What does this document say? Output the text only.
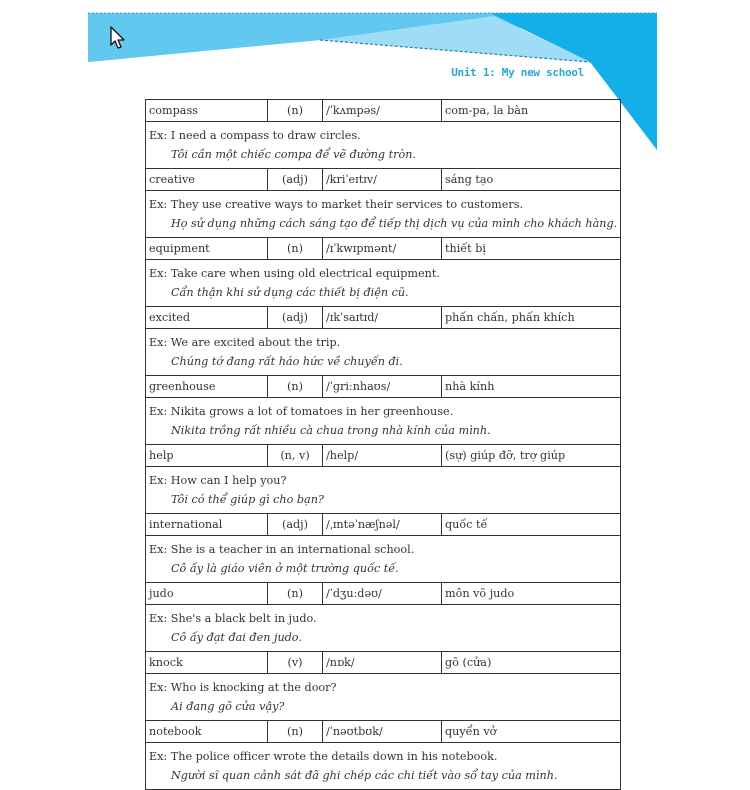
Unit 1: My new school
compass	(n)	/ˈkʌmpəs/	com-pa, la bàn

Ex: I need a compass to draw circles.
Tôi cần một chiếc compa để vẽ đường tròn.			

creative	(adj)	/kriˈeɪtɪv/	sáng tạo

Ex: They use creative ways to market their services to customers.
Họ sử dụng những cách sáng tạo để tiếp thị dịch vụ của mình cho khách hàng.			

equipment	(n)	/ɪˈkwɪpmənt/	thiết bị

Ex: Take care when using old electrical equipment.
Cẩn thận khi sử dụng các thiết bị điện cũ.			

excited	(adj)	/ɪkˈsaɪtɪd/	phấn chấn, phấn khích

Ex: We are excited about the trip.
Chúng tớ đang rất háo hức về chuyến đi.			

greenhouse	(n)	/ˈɡriːnhaʊs/	nhà kính

Ex: Nikita grows a lot of tomatoes in her greenhouse.
Nikita trồng rất nhiều cà chua trong nhà kính của mình.			

help	(n, v)	/help/	(sự) giúp đỡ, trợ giúp

Ex: How can I help you?
Tôi có thể giúp gì cho bạn?			

international	(adj)	/ˌɪntəˈnæʃnəl/	quốc tế

Ex: She is a teacher in an international school.
Cô ấy là giáo viên ở một trường quốc tế.			

judo	(n)	/ˈdʒuːdəʊ/	môn võ judo

Ex: She's a black belt in judo.
Cô ấy đạt đai đen judo.			

knock	(v)	/nɒk/	gõ (cửa)

Ex: Who is knocking at the door?
Ai đang gõ cửa vậy?			

notebook	(n)	/ˈnəʊtbʊk/	quyển vở

Ex: The police officer wrote the details down in his notebook.
Người sĩ quan cảnh sát đã ghi chép các chi tiết vào sổ tay của mình.			
